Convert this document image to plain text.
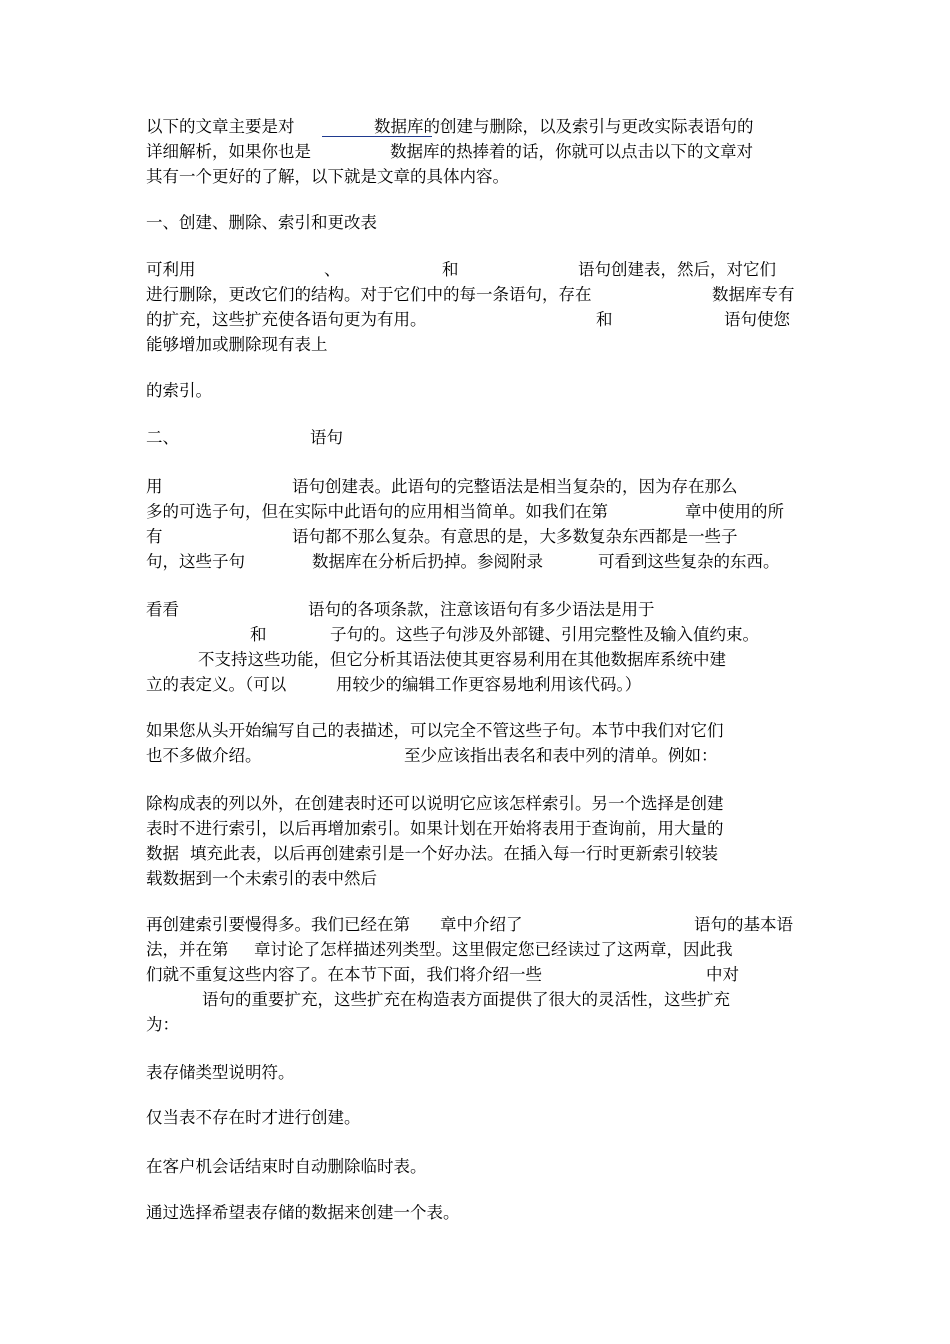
以下的文章主要是对

	数据库的创建与删除，以及索引与更改实际表语句的

详细解析，如果你也是

	数据库的热捧着的话，你就可以点击以下的文章对

其有一个更好的了解，以下就是文章的具体内容。

一、创建、删除、索引和更改表

可利用

	、

	和

	语句创建表，然后，对它们

进行删除，更改它们的结构。对于它们中的每一条语句，存在

	数据库专有

的扩充，这些扩充使各语句更为有用。

	和

	语句使您

能够增加或删除现有表上

的索引。

二、

	语句

用

	语句创建表。此语句的完整语法是相当复杂的，因为存在那么

多的可选子句，但在实际中此语句的应用相当简单。如我们在第

	章中使用的所

有

	语句都不那么复杂。有意思的是，大多数复杂东西都是一些子

句，这些子句

	数据库在分析后扔掉。参阅附录

	可看到这些复杂的东西。

看看

	语句的各项条款，注意该语句有多少语法是用于

和

	子句的。这些子句涉及外部键、引用完整性及输入值约束。

不支持这些功能，但它分析其语法使其更容易利用在其他数据库系统中建

立的表定义。（可以

	用较少的编辑工作更容易地利用该代码。）

如果您从头开始编写自己的表描述，可以完全不管这些子句。本节中我们对它们

也不多做介绍。

	至少应该指出表名和表中列的清单。例如：

除构成表的列以外，在创建表时还可以说明它应该怎样索引。另一个选择是创建

表时不进行索引，以后再增加索引。如果计划在开始将表用于查询前，用大量的

数据

填充此表，以后再创建索引是一个好办法。在插入每一行时更新索引较装

载数据到一个未索引的表中然后

再创建索引要慢得多。我们已经在第

章中介绍了

	语句的基本语

法，并在第

章讨论了怎样描述列类型。这里假定您已经读过了这两章，因此我

们就不重复这些内容了。在本节下面，我们将介绍一些

	中对

语句的重要扩充，这些扩充在构造表方面提供了很大的灵活性，这些扩充

为：

表存储类型说明符。

仅当表不存在时才进行创建。

在客户机会话结束时自动删除临时表。

通过选择希望表存储的数据来创建一个表。
